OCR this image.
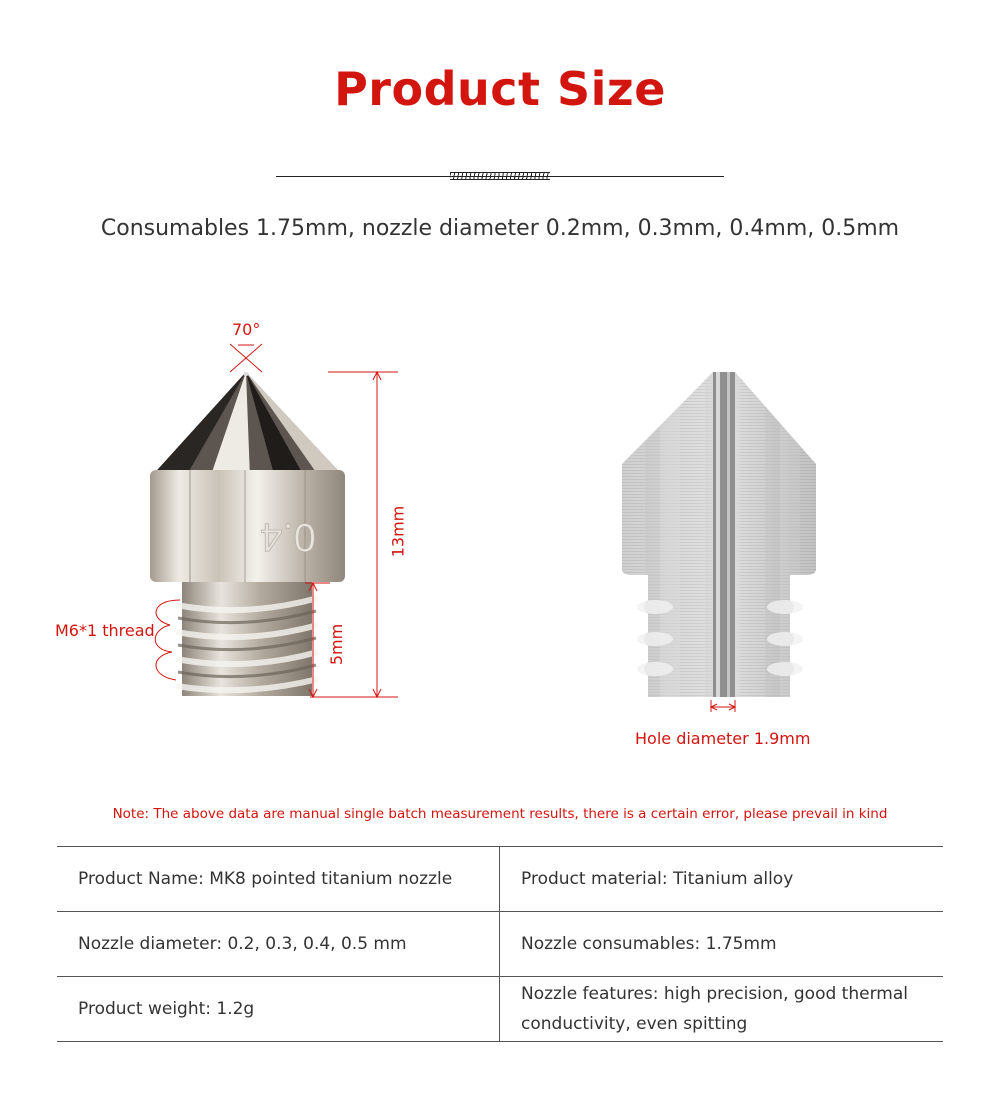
Product Size
Consumables 1.75mm, nozzle diameter 0.2mm, 0.3mm, 0.4mm, 0.5mm
0.4
70°
M6*1 thread
13mm
5mm
Hole diameter 1.9mm
Note: The above data are manual single batch measurement results, there is a certain error, please prevail in kind
Product Name: MK8 pointed titanium nozzle	Product material: Titanium alloy
Nozzle diameter: 0.2, 0.3, 0.4, 0.5 mm	Nozzle consumables: 1.75mm
Product weight: 1.2g	Nozzle features: high precision, good thermal conductivity, even spitting
